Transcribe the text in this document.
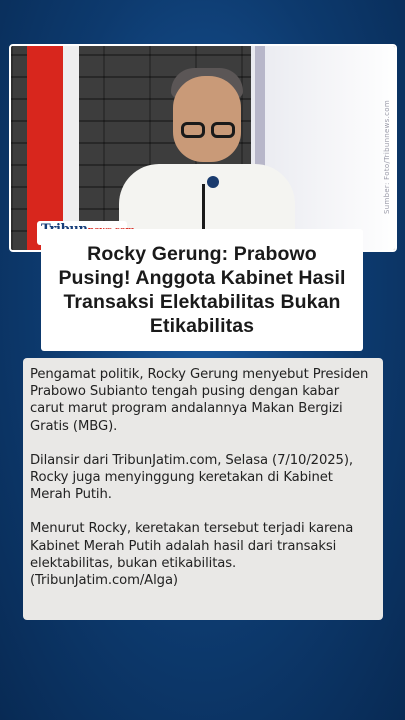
Sumber: Foto/Tribunnews.com
Rocky Gerung: Prabowo Pusing! Anggota Kabinet Hasil Transaksi Elektabilitas Bukan Etikabilitas

Pengamat politik, Rocky Gerung menyebut Presiden Prabowo Subianto tengah pusing dengan kabar carut marut program andalannya Makan Bergizi Gratis (MBG).

Dilansir dari TribunJatim.com, Selasa (7/10/2025), Rocky juga menyinggung keretakan di Kabinet Merah Putih.

Menurut Rocky, keretakan tersebut terjadi karena Kabinet Merah Putih adalah hasil dari transaksi elektabilitas, bukan etikabilitas. (TribunJatim.com/Alga)
